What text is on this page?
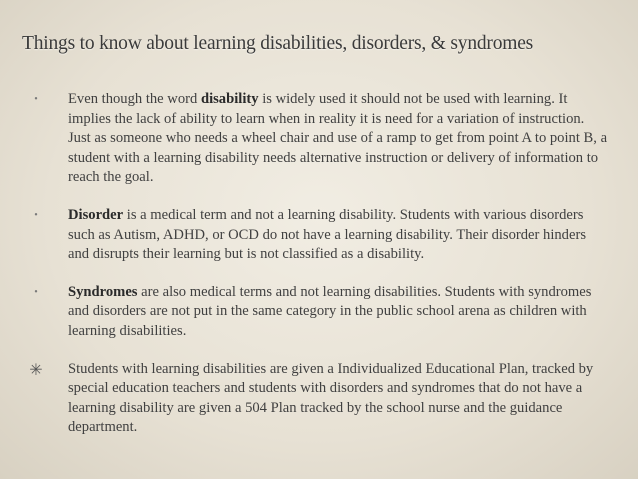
Things to know about learning disabilities, disorders, & syndromes
•	Even though the word disability is widely used it should not be used with learning. It implies the lack of ability to learn when in reality it is need for a variation of instruction. Just as someone who needs a wheel chair and use of a ramp to get from point A to point B, a student with a learning disability needs alternative instruction or delivery of information to reach the goal.
•	Disorder is a medical term and not a learning disability. Students with various disorders such as Autism, ADHD, or OCD do not have a learning disability. Their disorder hinders and disrupts their learning but is not classified as a disability.
•	Syndromes are also medical terms and not learning disabilities. Students with syndromes and disorders are not put in the same category in the public school arena as children with learning disabilities.
✳ Students with learning disabilities are given a Individualized Educational Plan, tracked by special education teachers and students with disorders and syndromes that do not have a learning disability are given a 504 Plan tracked by the school nurse and the guidance department.
